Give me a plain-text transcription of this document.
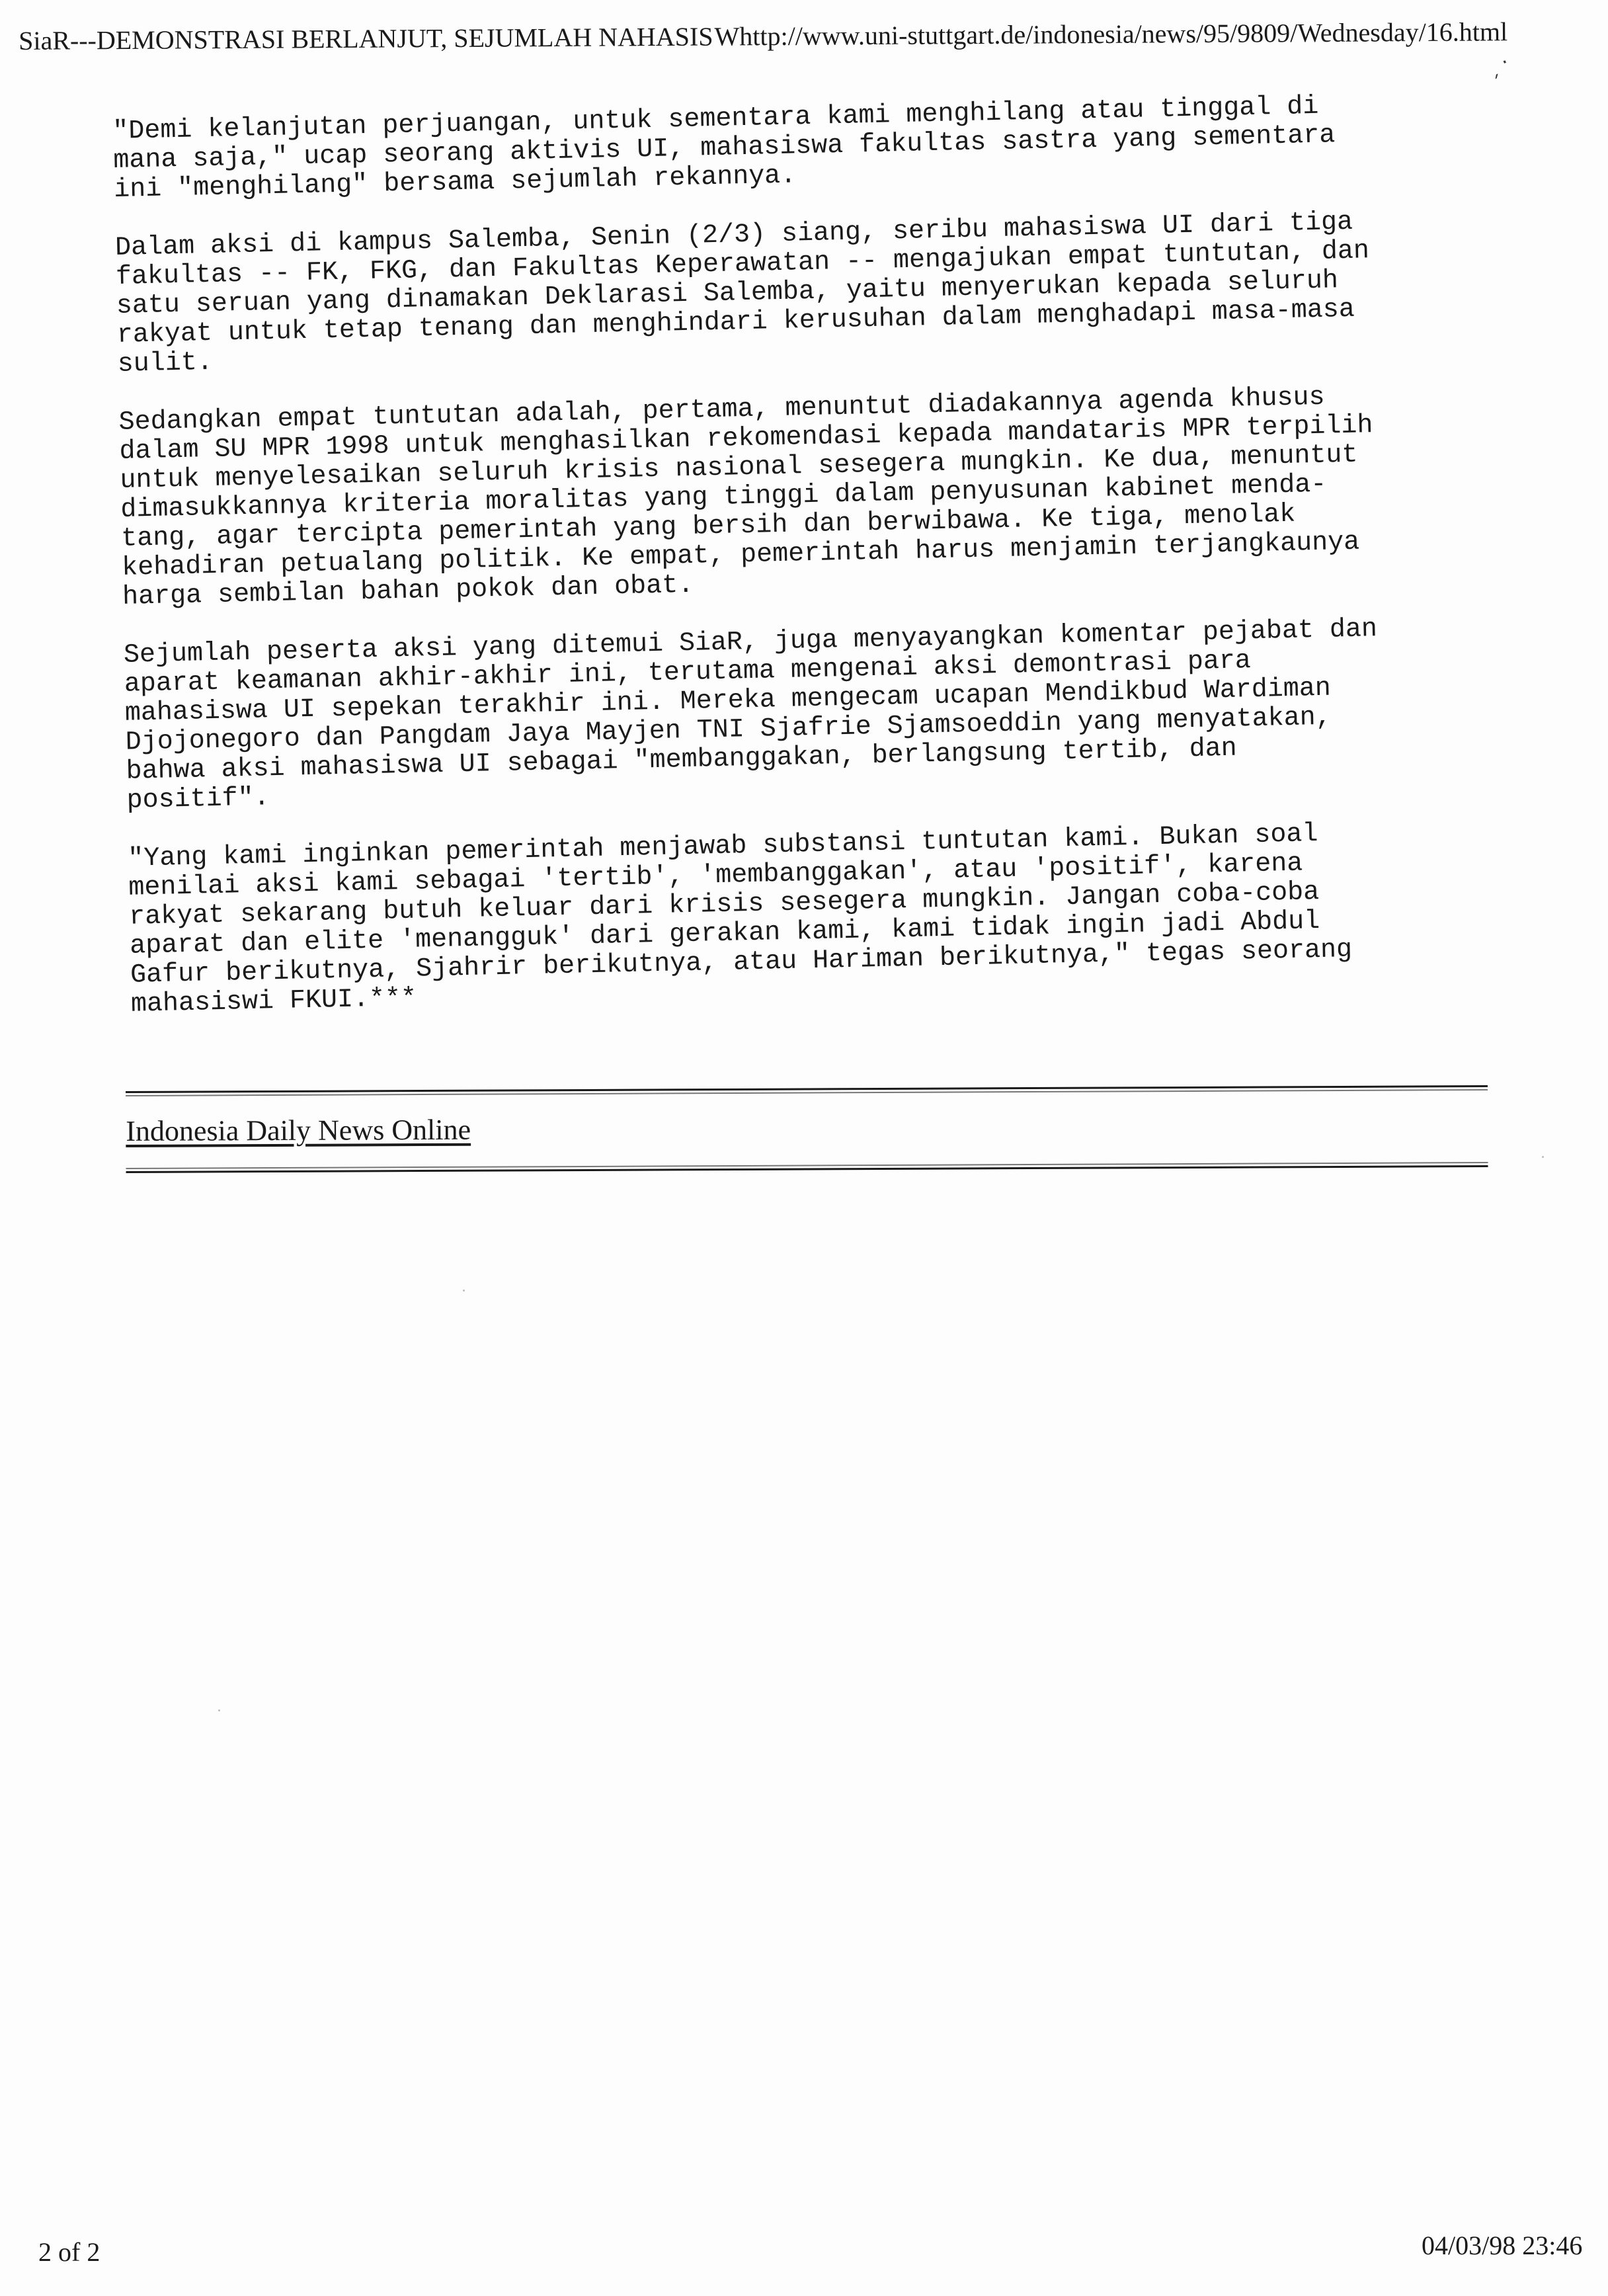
SiaR---DEMONSTRASI BERLANJUT, SEJUMLAH NAHASISWhttp://www.uni-stuttgart.de/indonesia/news/95/9809/Wednesday/16.html
ˏ ·

"Demi kelanjutan perjuangan, untuk sementara kami menghilang atau tinggal di
mana saja," ucap seorang aktivis UI, mahasiswa fakultas sastra yang sementara
ini "menghilang" bersama sejumlah rekannya.

Dalam aksi di kampus Salemba, Senin (2/3) siang, seribu mahasiswa UI dari tiga
fakultas -- FK, FKG, dan Fakultas Keperawatan -- mengajukan empat tuntutan, dan
satu seruan yang dinamakan Deklarasi Salemba, yaitu menyerukan kepada seluruh
rakyat untuk tetap tenang dan menghindari kerusuhan dalam menghadapi masa-masa
sulit.

Sedangkan empat tuntutan adalah, pertama, menuntut diadakannya agenda khusus
dalam SU MPR 1998 untuk menghasilkan rekomendasi kepada mandataris MPR terpilih
untuk menyelesaikan seluruh krisis nasional sesegera mungkin. Ke dua, menuntut
dimasukkannya kriteria moralitas yang tinggi dalam penyusunan kabinet menda-
tang, agar tercipta pemerintah yang bersih dan berwibawa. Ke tiga, menolak
kehadiran petualang politik. Ke empat, pemerintah harus menjamin terjangkaunya
harga sembilan bahan pokok dan obat.

Sejumlah peserta aksi yang ditemui SiaR, juga menyayangkan komentar pejabat dan
aparat keamanan akhir-akhir ini, terutama mengenai aksi demontrasi para
mahasiswa UI sepekan terakhir ini. Mereka mengecam ucapan Mendikbud Wardiman
Djojonegoro dan Pangdam Jaya Mayjen TNI Sjafrie Sjamsoeddin yang menyatakan,
bahwa aksi mahasiswa UI sebagai "membanggakan, berlangsung tertib, dan
positif".

"Yang kami inginkan pemerintah menjawab substansi tuntutan kami. Bukan soal
menilai aksi kami sebagai 'tertib', 'membanggakan', atau 'positif', karena
rakyat sekarang butuh keluar dari krisis sesegera mungkin. Jangan coba-coba
aparat dan elite 'menangguk' dari gerakan kami, kami tidak ingin jadi Abdul
Gafur berikutnya, Sjahrir berikutnya, atau Hariman berikutnya," tegas seorang
mahasiswi FKUI.***

Indonesia Daily News Online
2 of 2	04/03/98 23:46
